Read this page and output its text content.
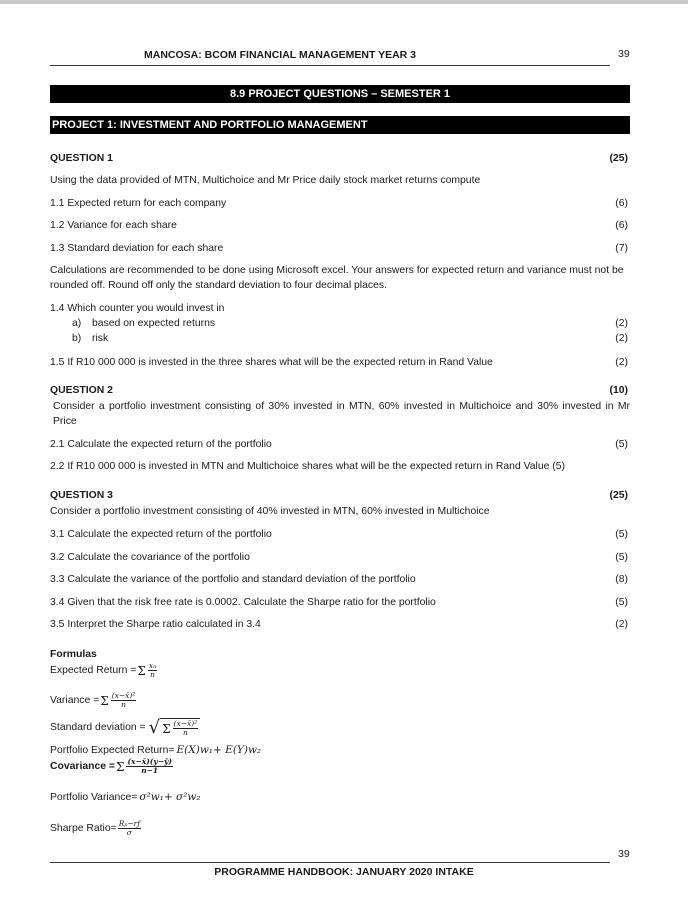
MANCOSA: BCOM FINANCIAL MANAGEMENT YEAR 3	39
8.9 PROJECT QUESTIONS – SEMESTER 1
PROJECT 1: INVESTMENT AND PORTFOLIO MANAGEMENT
QUESTION 1	(25)
Using the data provided of MTN, Multichoice and Mr Price daily stock market returns compute
1.1 Expected return for each company	(6)
1.2 Variance for each share	(6)
1.3 Standard deviation for each share	(7)
Calculations are recommended to be done using Microsoft excel. Your answers for expected return and variance must not be rounded off. Round off only the standard deviation to four decimal places.
1.4 Which counter you would invest in
a) based on expected returns	(2)
b) risk	(2)
1.5 If R10 000 000 is invested in the three shares what will be the expected return in Rand Value	(2)
QUESTION 2	(10)
Consider a portfolio investment consisting of 30% invested in MTN, 60% invested in Multichoice and 30% invested in Mr Price
2.1 Calculate the expected return of the portfolio	(5)
2.2 If R10 000 000 is invested in MTN and Multichoice shares what will be the expected return in Rand Value (5)
QUESTION 3	(25)
Consider a portfolio investment consisting of 40% invested in MTN, 60% invested in Multichoice
3.1 Calculate the expected return of the portfolio	(5)
3.2 Calculate the covariance of the portfolio	(5)
3.3 Calculate the variance of the portfolio and standard deviation of the portfolio	(8)
3.4 Given that the risk free rate is 0.0002. Calculate the Sharpe ratio for the portfolio	(5)
3.5 Interpret the Sharpe ratio calculated in 3.4	(2)
Formulas
Expected Return = Σ $\frac{\text{xₙ}}{n}$
Variance = Σ $\frac{\text{(x−x̄)²}}{n}$
Standard deviation = √ Σ $\frac{\text{(x−x̄)²}}{n}$
Portfolio Expected Return= E(X)w₁+ E(Y)w₂
Covariance = Σ $\frac{(x-x̄)(y-ȳ)}{n-1}$
Portfolio Variance= σ²w₁+ σ²w₂
Sharpe Ratio= $\frac{\text{Rₚ−rƒ}}{\sigma}$
39
PROGRAMME HANDBOOK: JANUARY 2020 INTAKE
